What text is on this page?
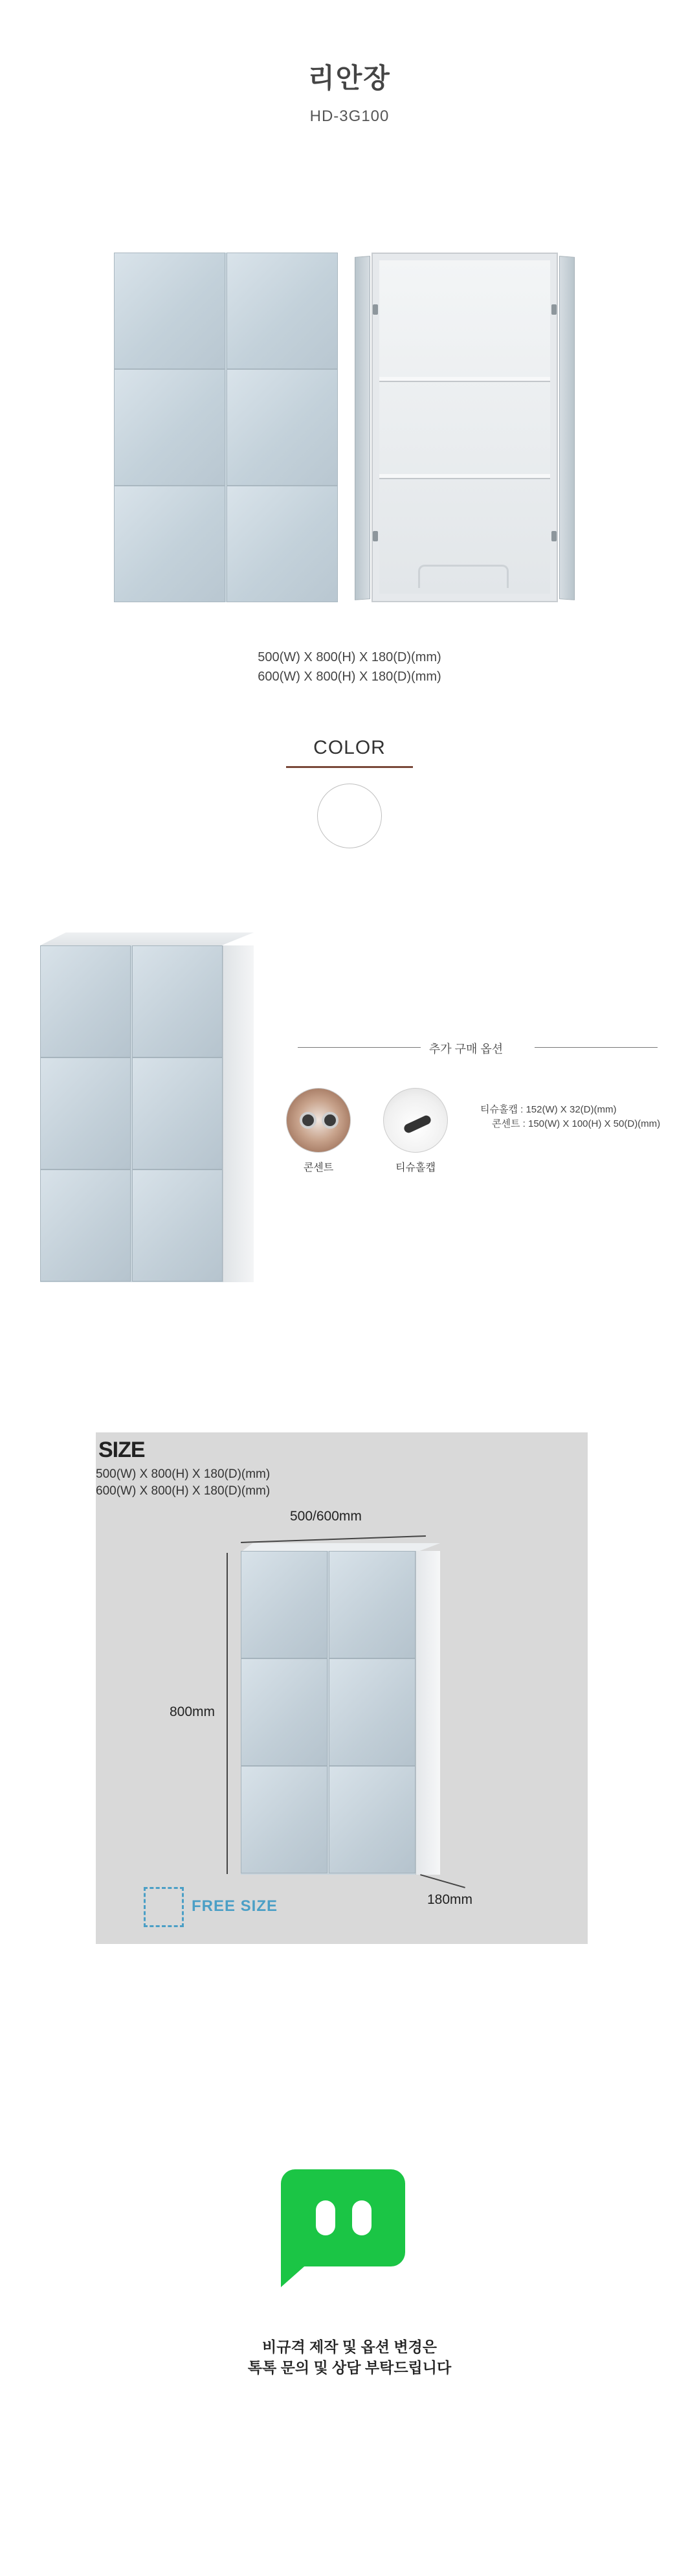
리안장
HD-3G100
500(W) X 800(H) X 180(D)(mm)
600(W) X 800(H) X 180(D)(mm)
COLOR
추가 구매 옵션
콘센트	티슈홀캡
티슈홀캡 : 152(W) X 32(D)(mm)
콘센트 : 150(W) X 100(H) X 50(D)(mm)
SIZE
500(W) X 800(H) X 180(D)(mm)
600(W) X 800(H) X 180(D)(mm)
500/600mm
800mm
180mm
FREE SIZE
비규격 제작 및 옵션 변경은
톡톡 문의 및 상담 부탁드립니다
